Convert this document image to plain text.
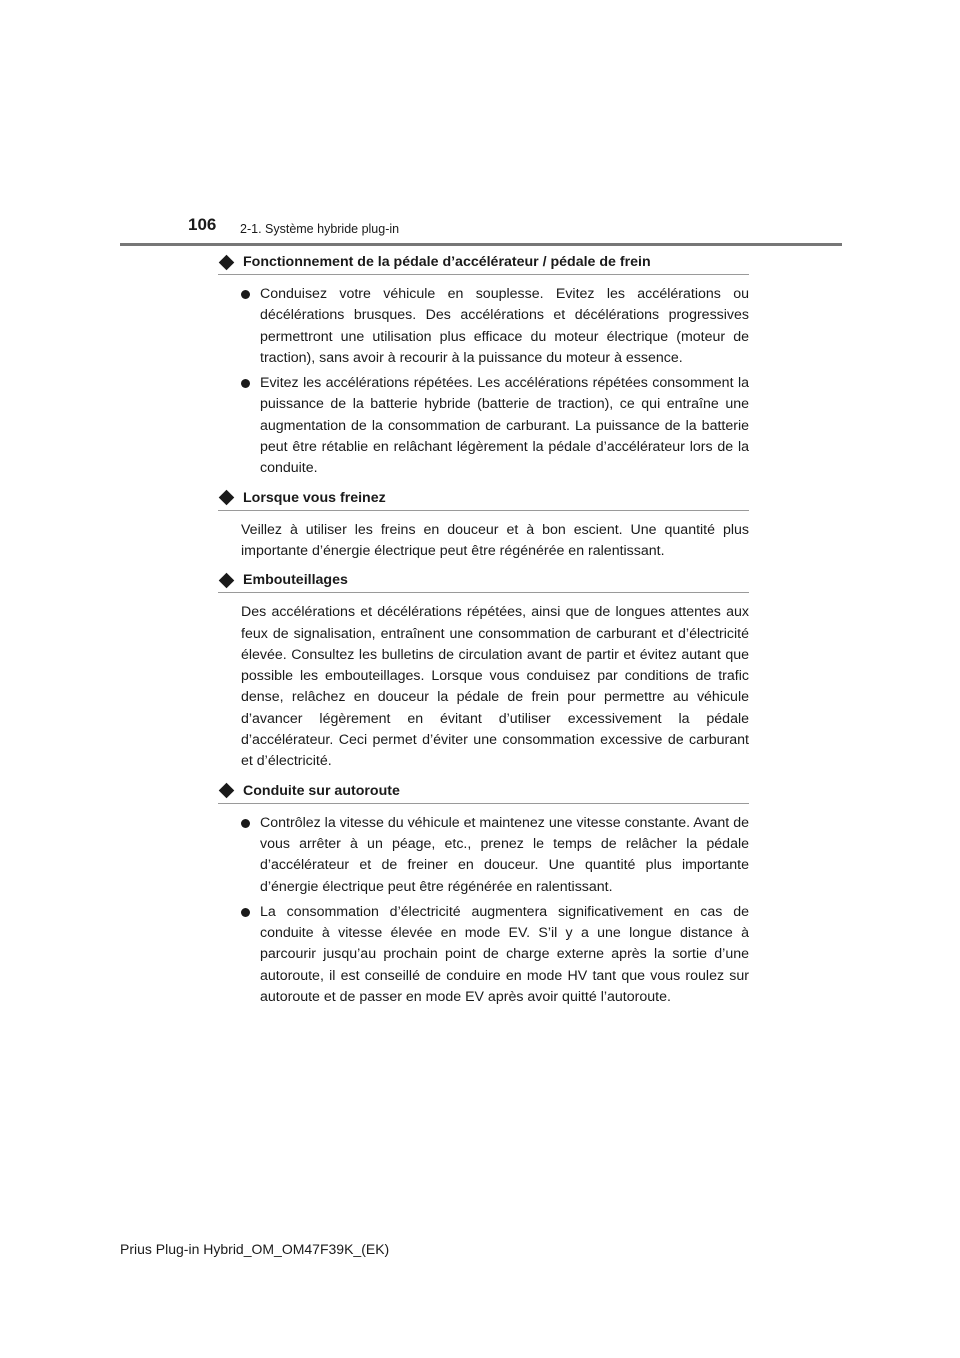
106 2-1. Système hybride plug-in
Fonctionnement de la pédale d’accélérateur / pédale de frein

Conduisez votre véhicule en souplesse. Evitez les accélérations ou décélérations brusques. Des accélérations et décélérations progressives permettront une utilisation plus efficace du moteur électrique (moteur de traction), sans avoir à recourir à la puissance du moteur à essence.

Evitez les accélérations répétées. Les accélérations répétées consomment la puissance de la batterie hybride (batterie de traction), ce qui entraîne une augmentation de la consommation de carburant. La puissance de la batterie peut être rétablie en relâchant légèrement la pédale d’accélérateur lors de la conduite.

Lorsque vous freinez

Veillez à utiliser les freins en douceur et à bon escient. Une quantité plus importante d’énergie électrique peut être régénérée en ralentissant.

Embouteillages

Des accélérations et décélérations répétées, ainsi que de longues attentes aux feux de signalisation, entraînent une consommation de carburant et d’électricité élevée. Consultez les bulletins de circulation avant de partir et évitez autant que possible les embouteillages. Lorsque vous conduisez par conditions de trafic dense, relâchez en douceur la pédale de frein pour permettre au véhicule d’avancer légèrement en évitant d’utiliser excessivement la pédale d’accélérateur. Ceci permet d’éviter une consommation excessive de carburant et d’électricité.

Conduite sur autoroute

Contrôlez la vitesse du véhicule et maintenez une vitesse constante. Avant de vous arrêter à un péage, etc., prenez le temps de relâcher la pédale d’accélérateur et de freiner en douceur. Une quantité plus importante d’énergie électrique peut être régénérée en ralentissant.

La consommation d’électricité augmentera significativement en cas de conduite à vitesse élevée en mode EV. S’il y a une longue distance à parcourir jusqu’au prochain point de charge externe après la sortie d’une autoroute, il est conseillé de conduire en mode HV tant que vous roulez sur autoroute et de passer en mode EV après avoir quitté l’autoroute.

Prius Plug-in Hybrid_OM_OM47F39K_(EK)
